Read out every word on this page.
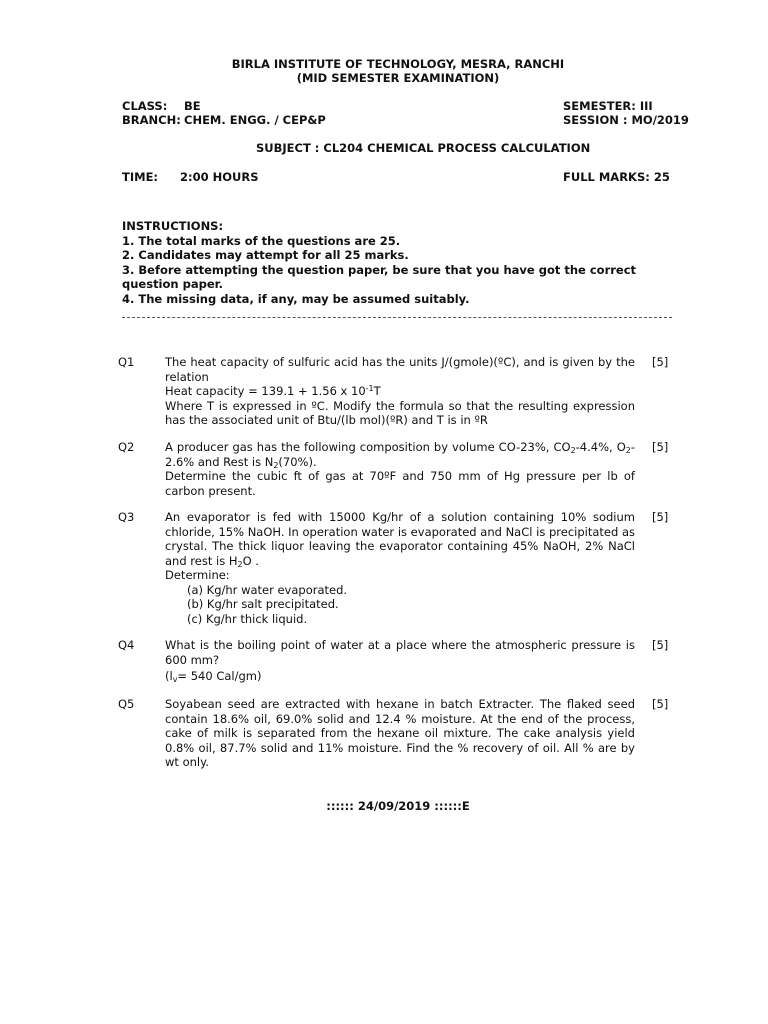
BIRLA INSTITUTE OF TECHNOLOGY, MESRA, RANCHI
(MID SEMESTER EXAMINATION)
CLASS: BE
BRANCH: CHEM. ENGG. / CEP&P
SEMESTER: III
SESSION : MO/2019
SUBJECT : CL204 CHEMICAL PROCESS CALCULATION
TIME: 2:00 HOURS	FULL MARKS: 25
INSTRUCTIONS:
1. The total marks of the questions are 25.
2. Candidates may attempt for all 25 marks.
3. Before attempting the question paper, be sure that you have got the correct question paper.
4. The missing data, if any, may be assumed suitably.
Q1	The heat capacity of sulfuric acid has the units J/(gmole)(ºC), and is given by the relation
Heat capacity = 139.1 + 1.56 x $10^{-1}T$
Where T is expressed in ºC. Modify the formula so that the resulting expression has the associated unit of Btu/(lb mol)(ºR) and T is in ºR
[5]
Q2	A producer gas has the following composition by volume CO-23%, $CO_2-4.4\%$, $O_2-2.6\%$ and Rest is $N_2(70\%)$.
Determine the cubic ft of gas at 70ºF and 750 mm of Hg pressure per lb of carbon present.
[5]
Q3	An evaporator is fed with 15000 Kg/hr of a solution containing 10% sodium chloride, 15% NaOH. In operation water is evaporated and NaCl is precipitated as crystal. The thick liquor leaving the evaporator containing 45% NaOH, 2% NaCl and rest is $H_2O$ .
Determine:
(a) Kg/hr water evaporated.
(b) Kg/hr salt precipitated.
(c) Kg/hr thick liquid.
[5]
Q4	What is the boiling point of water at a place where the atmospheric pressure is 600 mm?
($l_v= 540$ Cal/gm)
[5]
Q5	Soyabean seed are extracted with hexane in batch Extracter. The flaked seed contain 18.6% oil, 69.0% solid and 12.4 % moisture. At the end of the process, cake of milk is separated from the hexane oil mixture. The cake analysis yield 0.8% oil, 87.7% solid and 11% moisture. Find the % recovery of oil. All % are by wt only.
[5]
:::::: 24/09/2019 ::::::E
